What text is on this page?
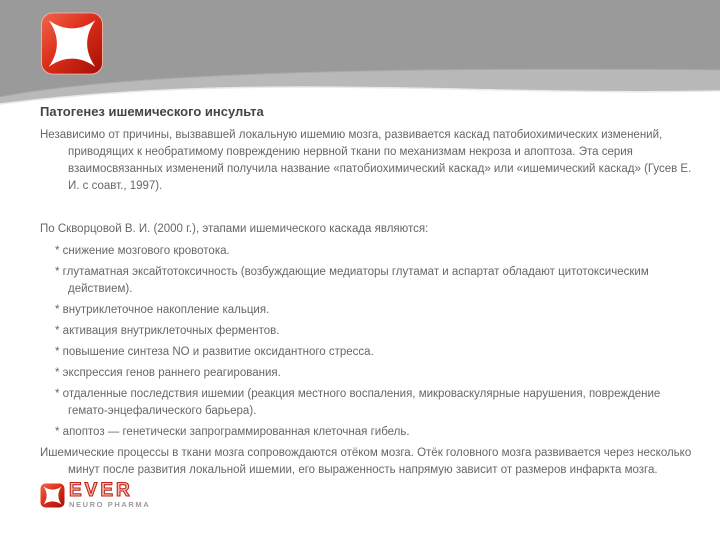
Патогенез ишемического инсульта

Независимо от причины, вызвавшей локальную ишемию мозга, развивается каскад патобиохимических изменений, приводящих к необратимому повреждению нервной ткани по механизмам некроза и апоптоза. Эта серия взаимосвязанных изменений получила название «патобиохимический каскад» или «ишемический каскад» (Гусев Е. И. с соавт., 1997).

По Скворцовой В. И. (2000 г.), этапами ишемического каскада являются:

* снижение мозгового кровотока.

* глутаматная эксайтотоксичность (возбуждающие медиаторы глутамат и аспартат обладают цитотоксическим действием).

* внутриклеточное накопление кальция.

* активация внутриклеточных ферментов.

* повышение синтеза NO и развитие оксидантного стресса.

* экспрессия генов раннего реагирования.

* отдаленные последствия ишемии (реакция местного воспаления, микроваскулярные нарушения, повреждение гемато-энцефалического барьера).

* апоптоз — генетически запрограммированная клеточная гибель.

Ишемические процессы в ткани мозга сопровождаются отёком мозга. Отёк головного мозга развивается через несколько минут после развития локальной ишемии, его выраженность напрямую зависит от размеров инфаркта мозга.

EVER
NEURO PHARMA
